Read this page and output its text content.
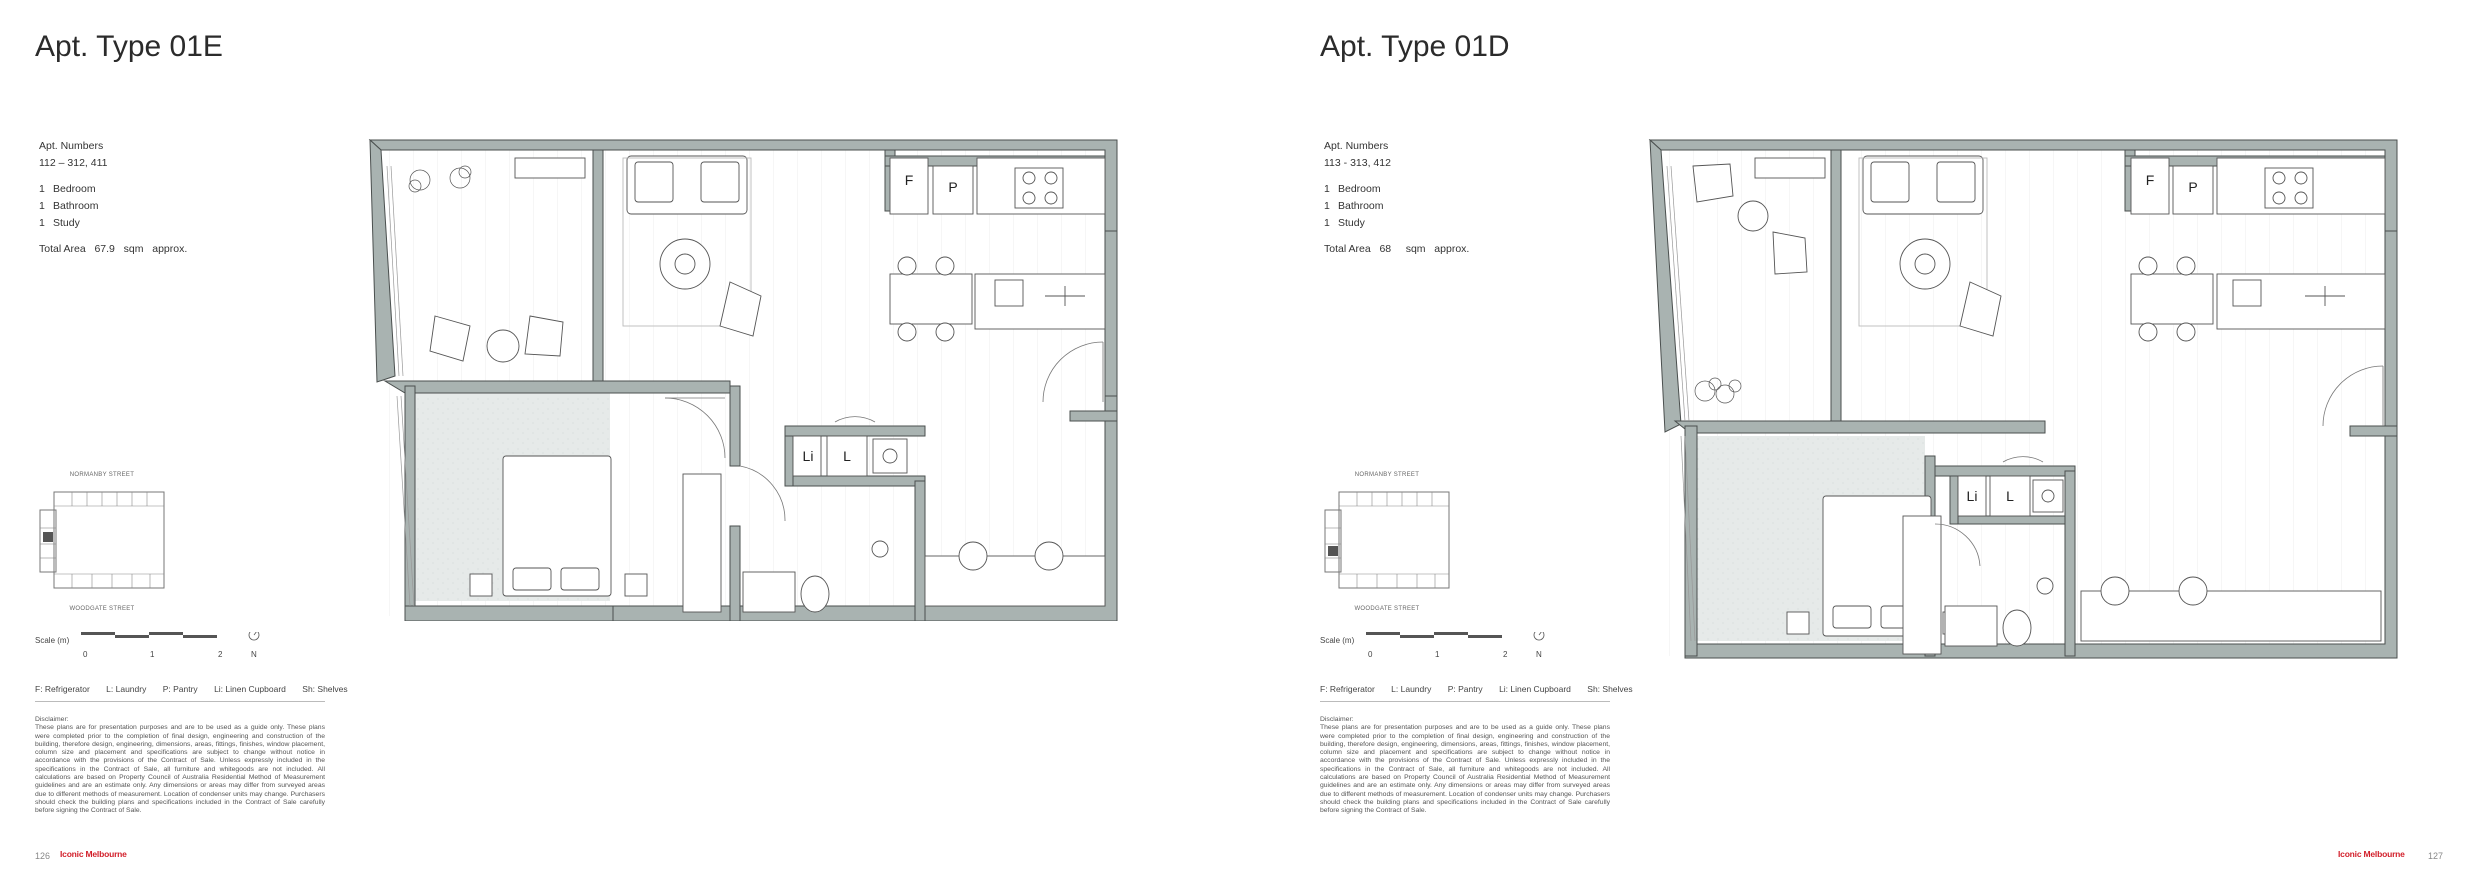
Apt. Type 01E
Apt. Numbers
112 – 312, 411
1 Bedroom
1 Bathroom
1 Study
Total Area   67.9   sqm   approx.
NORMANBY STREET
WOODGATE STREET
Scale (m)
0	1	2	N
F: Refrigerator L: Laundry P: Pantry Li: Linen Cupboard Sh: Shelves
Disclaimer:
These plans are for presentation purposes and are to be used as a guide only. These plans were completed prior to the completion of final design, engineering and construction of the building, therefore design, engineering, dimensions, areas, fittings, finishes, window placement, column size and placement and specifications are subject to change without notice in accordance with the provisions of the Contract of Sale. Unless expressly included in the specifications in the Contract of Sale, all furniture and whitegoods are not included. All calculations are based on Property Council of Australia Residential Method of Measurement guidelines and are an estimate only. Any dimensions or areas may differ from surveyed areas due to different methods of measurement. Location of condenser units may change. Purchasers should check the building plans and specifications included in the Contract of Sale carefully before signing the Contract of Sale.
126 Iconic Melbourne
F	P
Li L
Apt. Type 01D
Apt. Numbers
113 - 313, 412
1 Bedroom
1 Bathroom
1 Study
Total Area   68     sqm   approx.
NORMANBY STREET
WOODGATE STREET
Scale (m)
0	1	2	N
F: Refrigerator L: Laundry P: Pantry Li: Linen Cupboard Sh: Shelves
Disclaimer:
These plans are for presentation purposes and are to be used as a guide only. These plans were completed prior to the completion of final design, engineering and construction of the building, therefore design, engineering, dimensions, areas, fittings, finishes, window placement, column size and placement and specifications are subject to change without notice in accordance with the provisions of the Contract of Sale. Unless expressly included in the specifications in the Contract of Sale, all furniture and whitegoods are not included. All calculations are based on Property Council of Australia Residential Method of Measurement guidelines and are an estimate only. Any dimensions or areas may differ from surveyed areas due to different methods of measurement. Location of condenser units may change. Purchasers should check the building plans and specifications included in the Contract of Sale carefully before signing the Contract of Sale.
Iconic Melbourne	127
F P
Li L
